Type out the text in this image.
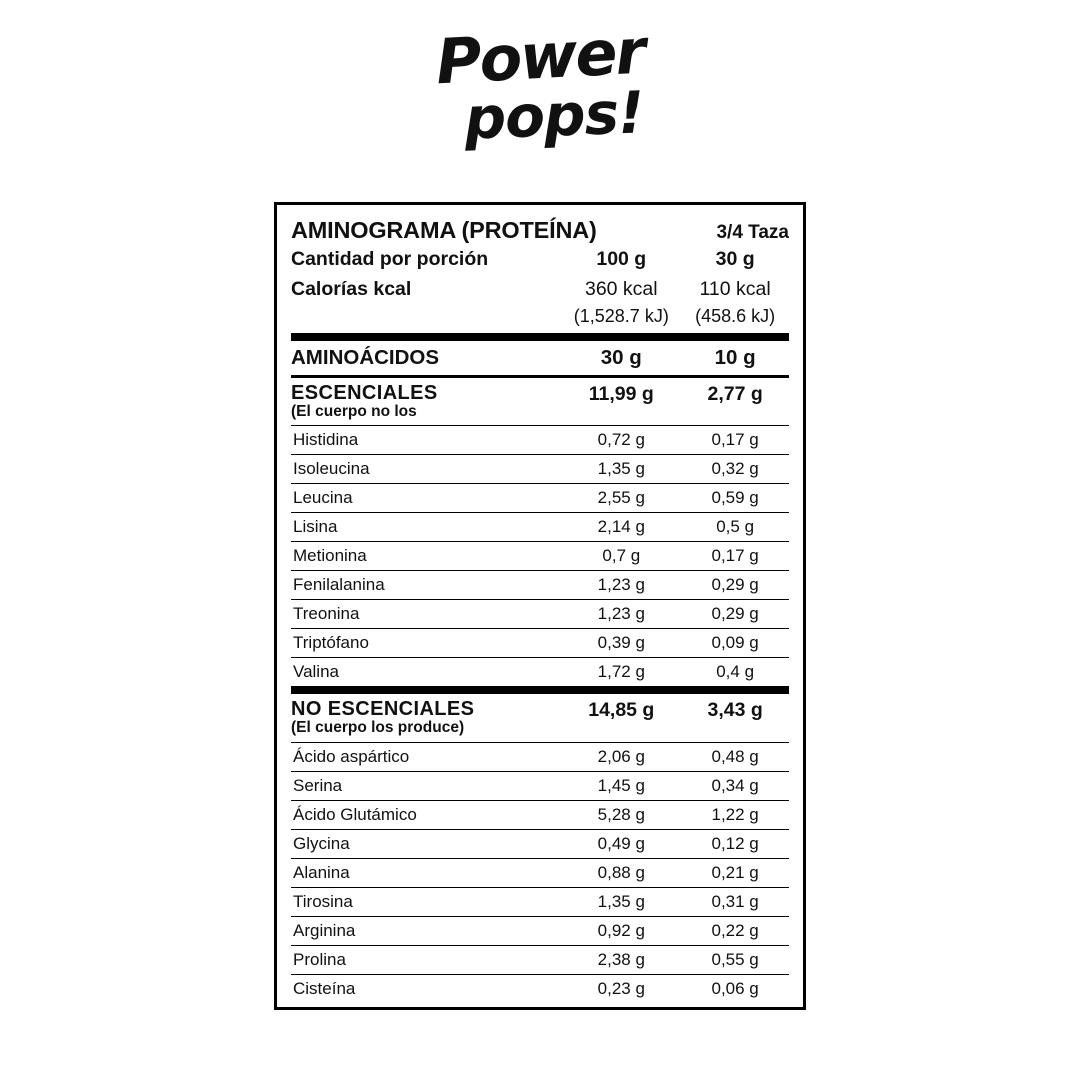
Power
pops!
AMINOGRAMA (PROTEÍNA)		3/4 Taza
Cantidad por porción	100 g	30 g
Calorías kcal	360 kcal	110 kcal
	(1,528.7 kJ)	(458.6 kJ)

AMINOÁCIDOS	30 g	10 g

ESCENCIALES
(El cuerpo no los	11,99 g	2,77 g

Histidina	0,72 g	0,17 g

Isoleucina	1,35 g	0,32 g

Leucina	2,55 g	0,59 g

Lisina	2,14 g	0,5 g

Metionina	0,7 g	0,17 g

Fenilalanina	1,23 g	0,29 g

Treonina	1,23 g	0,29 g

Triptófano	0,39 g	0,09 g

Valina	1,72 g	0,4 g

NO ESCENCIALES
(El cuerpo los produce)	14,85 g	3,43 g

Ácido aspártico	2,06 g	0,48 g

Serina	1,45 g	0,34 g

Ácido Glutámico	5,28 g	1,22 g

Glycina	0,49 g	0,12 g

Alanina	0,88 g	0,21 g

Tirosina	1,35 g	0,31 g

Arginina	0,92 g	0,22 g

Prolina	2,38 g	0,55 g

Cisteína	0,23 g	0,06 g
